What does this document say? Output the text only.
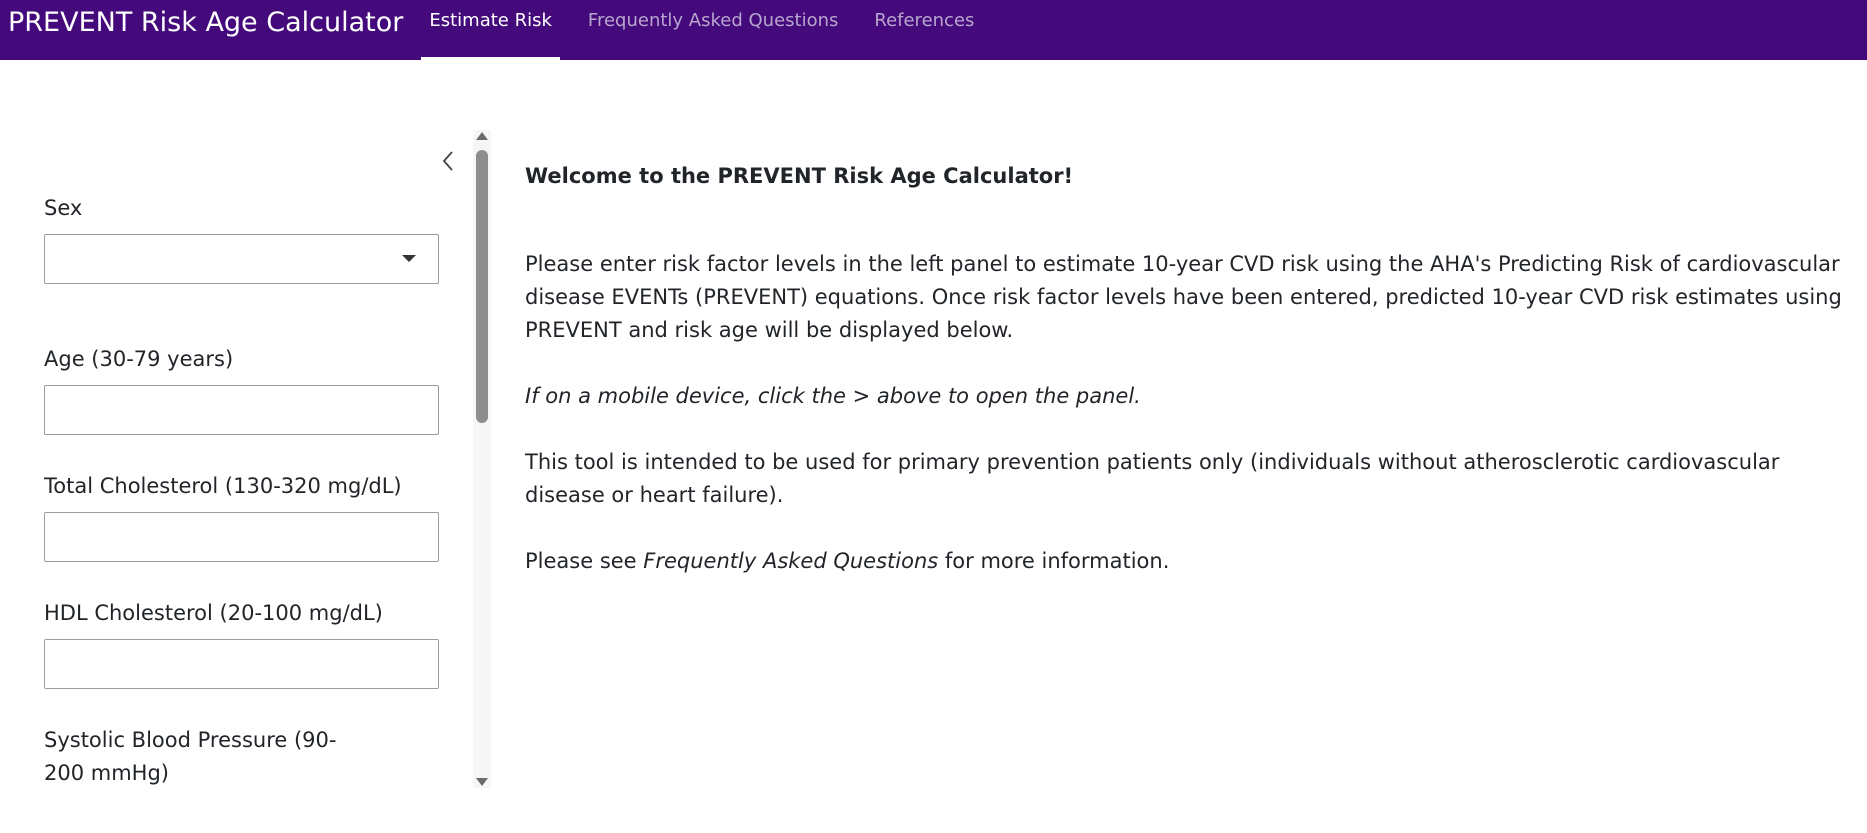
PREVENT Risk Age Calculator	Estimate Risk	Frequently Asked Questions	References
Sex
Age (30-79 years)
Total Cholesterol (130-320 mg/dL)
HDL Cholesterol (20-100 mg/dL)
Systolic Blood Pressure (90-200 mmHg)

Welcome to the PREVENT Risk Age Calculator!

Please enter risk factor levels in the left panel to estimate 10-year CVD risk using the AHA's Predicting Risk of cardiovascular disease EVENTs (PREVENT) equations. Once risk factor levels have been entered, predicted 10-year CVD risk estimates using PREVENT and risk age will be displayed below.

If on a mobile device, click the > above to open the panel.

This tool is intended to be used for primary prevention patients only (individuals without atherosclerotic cardiovascular disease or heart failure).

Please see Frequently Asked Questions for more information.
